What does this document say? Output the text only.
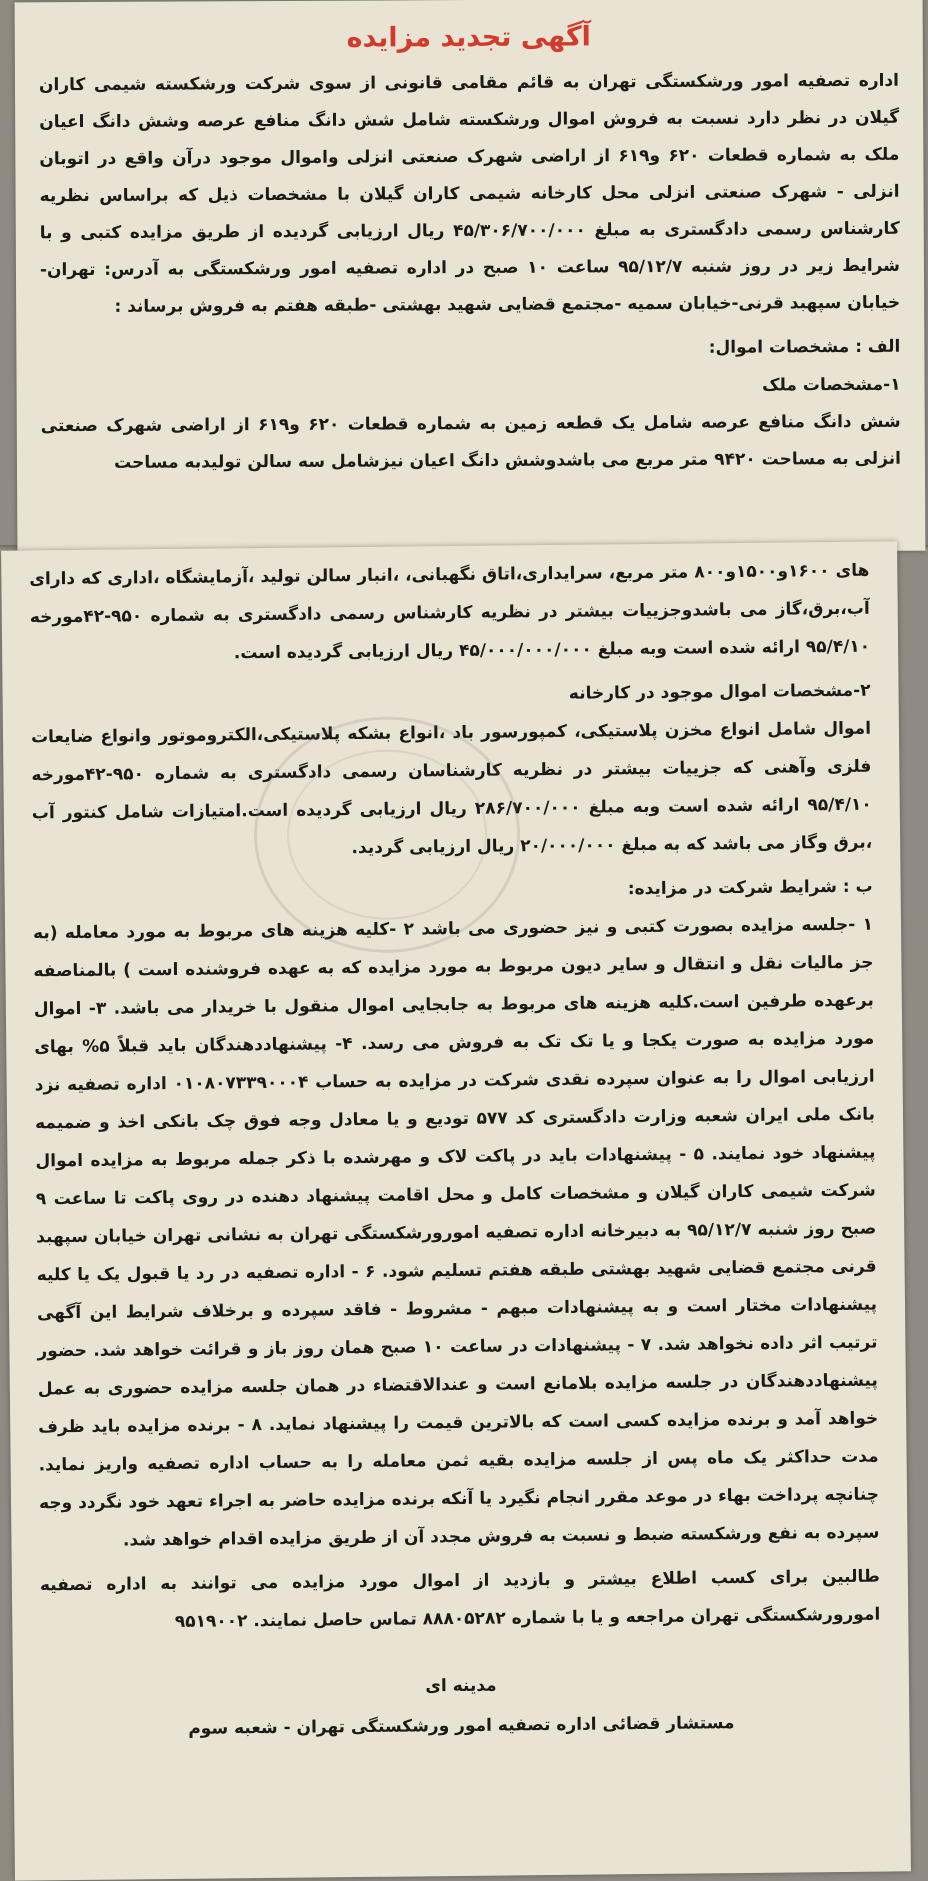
آگهی تجدید مزایده

اداره تصفیه امور ورشکستگی تهران به قائم مقامی قانونی از سوی شرکت ورشکسته شیمی کاران گیلان در نظر دارد نسبت به فروش اموال ورشکسته شامل شش دانگ منافع عرصه وشش دانگ اعیان ملک به شماره قطعات ۶۲۰ و۶۱۹ از اراضی شهرک صنعتی انزلی واموال موجود درآن واقع در اتوبان انزلی - شهرک صنعتی انزلی محل کارخانه شیمی کاران گیلان با مشخصات ذیل که براساس نظریه کارشناس رسمی دادگستری به مبلغ ۴۵/۳۰۶/۷۰۰/۰۰۰ ریال ارزیابی گردیده از طریق مزایده کتبی و با شرایط زیر در روز شنبه ۹۵/۱۲/۷ ساعت ۱۰ صبح در اداره تصفیه امور ورشکستگی به آدرس: تهران-خیابان سپهبد قرنی-خیابان سمیه -مجتمع قضایی شهید بهشتی -طبقه هفتم به فروش برساند :

الف : مشخصات اموال:
۱-مشخصات ملک

شش دانگ منافع عرصه شامل یک قطعه زمین به شماره قطعات ۶۲۰ و۶۱۹ از اراضی شهرک صنعتی انزلی به مساحت ۹۴۲۰ متر مربع می باشدوشش دانگ اعیان نیزشامل سه سالن تولیدبه مساحت

های ۱۶۰۰و۱۵۰۰و۸۰۰ متر مربع، سرایداری،اتاق نگهبانی، ،انبار سالن تولید ،آزمایشگاه ،اداری که دارای آب،برق،گاز می باشدوجزییات بیشتر در نظریه کارشناس رسمی دادگستری به شماره ۹۵۰-۴۲مورخه ۹۵/۴/۱۰ ارائه شده است وبه مبلغ ۴۵/۰۰۰/۰۰۰/۰۰۰ ریال ارزیابی گردیده است.

۲-مشخصات اموال موجود در کارخانه

اموال شامل انواع مخزن پلاستیکی، کمپورسور باد ،انواع بشکه پلاستیکی،الکتروموتور وانواع ضایعات فلزی وآهنی که جزییات بیشتر در نظریه کارشناسان رسمی دادگستری به شماره ۹۵۰-۴۲مورخه ۹۵/۴/۱۰ ارائه شده است وبه مبلغ ۲۸۶/۷۰۰/۰۰۰ ریال ارزیابی گردیده است.امتیازات شامل کنتور آب ،برق وگاز می باشد که به مبلغ ۲۰/۰۰۰/۰۰۰ ریال ارزیابی گردید.

ب : شرایط شرکت در مزایده:

۱ -جلسه مزایده بصورت کتبی و نیز حضوری می باشد ۲ -کلیه هزینه های مربوط به مورد معامله (به جز مالیات نقل و انتقال و سایر دیون مربوط به مورد مزایده که به عهده فروشنده است ) بالمناصفه برعهده طرفین است.کلیه هزینه های مربوط به جابجایی اموال منقول با خریدار می باشد. ۳- اموال مورد مزایده به صورت یکجا و یا تک تک به فروش می رسد. ۴- پیشنهاددهندگان باید قبلاً ۵% بهای ارزیابی اموال را به عنوان سپرده نقدی شرکت در مزایده به حساب ۰۱۰۸۰۷۳۳۹۰۰۰۴ اداره تصفیه نزد بانک ملی ایران شعبه وزارت دادگستری کد ۵۷۷ تودیع و یا معادل وجه فوق چک بانکی اخذ و ضمیمه پیشنهاد خود نمایند. ۵ - پیشنهادات باید در پاکت لاک و مهرشده با ذکر جمله مربوط به مزایده اموال شرکت شیمی کاران گیلان و مشخصات کامل و محل اقامت پیشنهاد دهنده در روی پاکت تا ساعت ۹ صبح روز شنبه ۹۵/۱۲/۷ به دبیرخانه اداره تصفیه امورورشکستگی تهران به نشانی تهران خیابان سپهبد قرنی مجتمع قضایی شهید بهشتی طبقه هفتم تسلیم شود. ۶ - اداره تصفیه در رد یا قبول یک یا کلیه پیشنهادات مختار است و به پیشنهادات مبهم - مشروط - فاقد سپرده و برخلاف شرایط این آگهی ترتیب اثر داده نخواهد شد. ۷ - پیشنهادات در ساعت ۱۰ صبح همان روز باز و قرائت خواهد شد. حضور پیشنهاددهندگان در جلسه مزایده بلامانع است و عندالاقتضاء در همان جلسه مزایده حضوری به عمل خواهد آمد و برنده مزایده کسی است که بالاترین قیمت را پیشنهاد نماید. ۸ - برنده مزایده باید ظرف مدت حداکثر یک ماه پس از جلسه مزایده بقیه ثمن معامله را به حساب اداره تصفیه واریز نماید. چنانچه پرداخت بهاء در موعد مقرر انجام نگیرد یا آنکه برنده مزایده حاضر به اجراء تعهد خود نگردد وجه سپرده به نفع ورشکسته ضبط و نسبت به فروش مجدد آن از طریق مزایده اقدام خواهد شد.

طالبین برای کسب اطلاع بیشتر و بازدید از اموال مورد مزایده می توانند به اداره تصفیه امورورشکستگی تهران مراجعه و یا با شماره ۸۸۸۰۵۲۸۲ تماس حاصل نمایند. ۹۵۱۹۰۰۲

مدینه ای
مستشار قضائی اداره تصفیه امور ورشکستگی تهران - شعبه سوم
